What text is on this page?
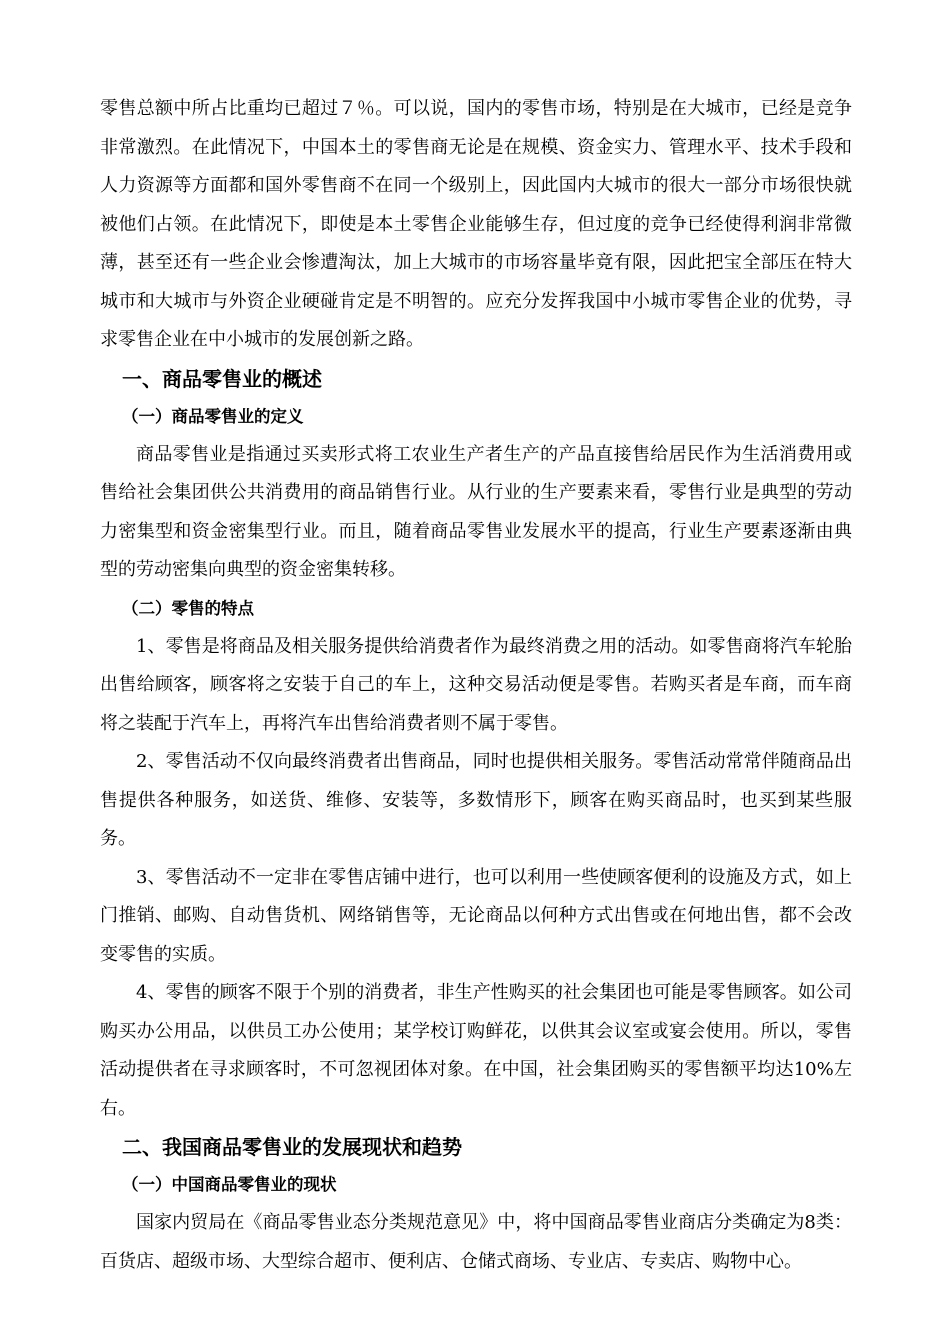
零售总额中所占比重均已超过７％。可以说，国内的零售市场，特别是在大城市，已经是竞争非常激烈。在此情况下，中国本土的零售商无论是在规模、资金实力、管理水平、技术手段和人力资源等方面都和国外零售商不在同一个级别上，因此国内大城市的很大一部分市场很快就被他们占领。在此情况下，即使是本土零售企业能够生存，但过度的竞争已经使得利润非常微薄，甚至还有一些企业会惨遭淘汰，加上大城市的市场容量毕竟有限，因此把宝全部压在特大城市和大城市与外资企业硬碰肯定是不明智的。应充分发挥我国中小城市零售企业的优势，寻求零售企业在中小城市的发展创新之路。

一、商品零售业的概述

（一）商品零售业的定义

商品零售业是指通过买卖形式将工农业生产者生产的产品直接售给居民作为生活消费用或售给社会集团供公共消费用的商品销售行业。从行业的生产要素来看，零售行业是典型的劳动力密集型和资金密集型行业。而且，随着商品零售业发展水平的提高，行业生产要素逐渐由典型的劳动密集向典型的资金密集转移。

（二）零售的特点

1、零售是将商品及相关服务提供给消费者作为最终消费之用的活动。如零售商将汽车轮胎出售给顾客，顾客将之安装于自己的车上，这种交易活动便是零售。若购买者是车商，而车商将之装配于汽车上，再将汽车出售给消费者则不属于零售。

2、零售活动不仅向最终消费者出售商品，同时也提供相关服务。零售活动常常伴随商品出售提供各种服务，如送货、维修、安装等，多数情形下，顾客在购买商品时，也买到某些服务。

3、零售活动不一定非在零售店铺中进行，也可以利用一些使顾客便利的设施及方式，如上门推销、邮购、自动售货机、网络销售等，无论商品以何种方式出售或在何地出售，都不会改变零售的实质。

4、零售的顾客不限于个别的消费者，非生产性购买的社会集团也可能是零售顾客。如公司购买办公用品，以供员工办公使用；某学校订购鲜花，以供其会议室或宴会使用。所以，零售活动提供者在寻求顾客时，不可忽视团体对象。在中国，社会集团购买的零售额平均达10%左右。

二、我国商品零售业的发展现状和趋势

（一）中国商品零售业的现状

国家内贸局在《商品零售业态分类规范意见》中，将中国商品零售业商店分类确定为8类：百货店、超级市场、大型综合超市、便利店、仓储式商场、专业店、专卖店、购物中心。
